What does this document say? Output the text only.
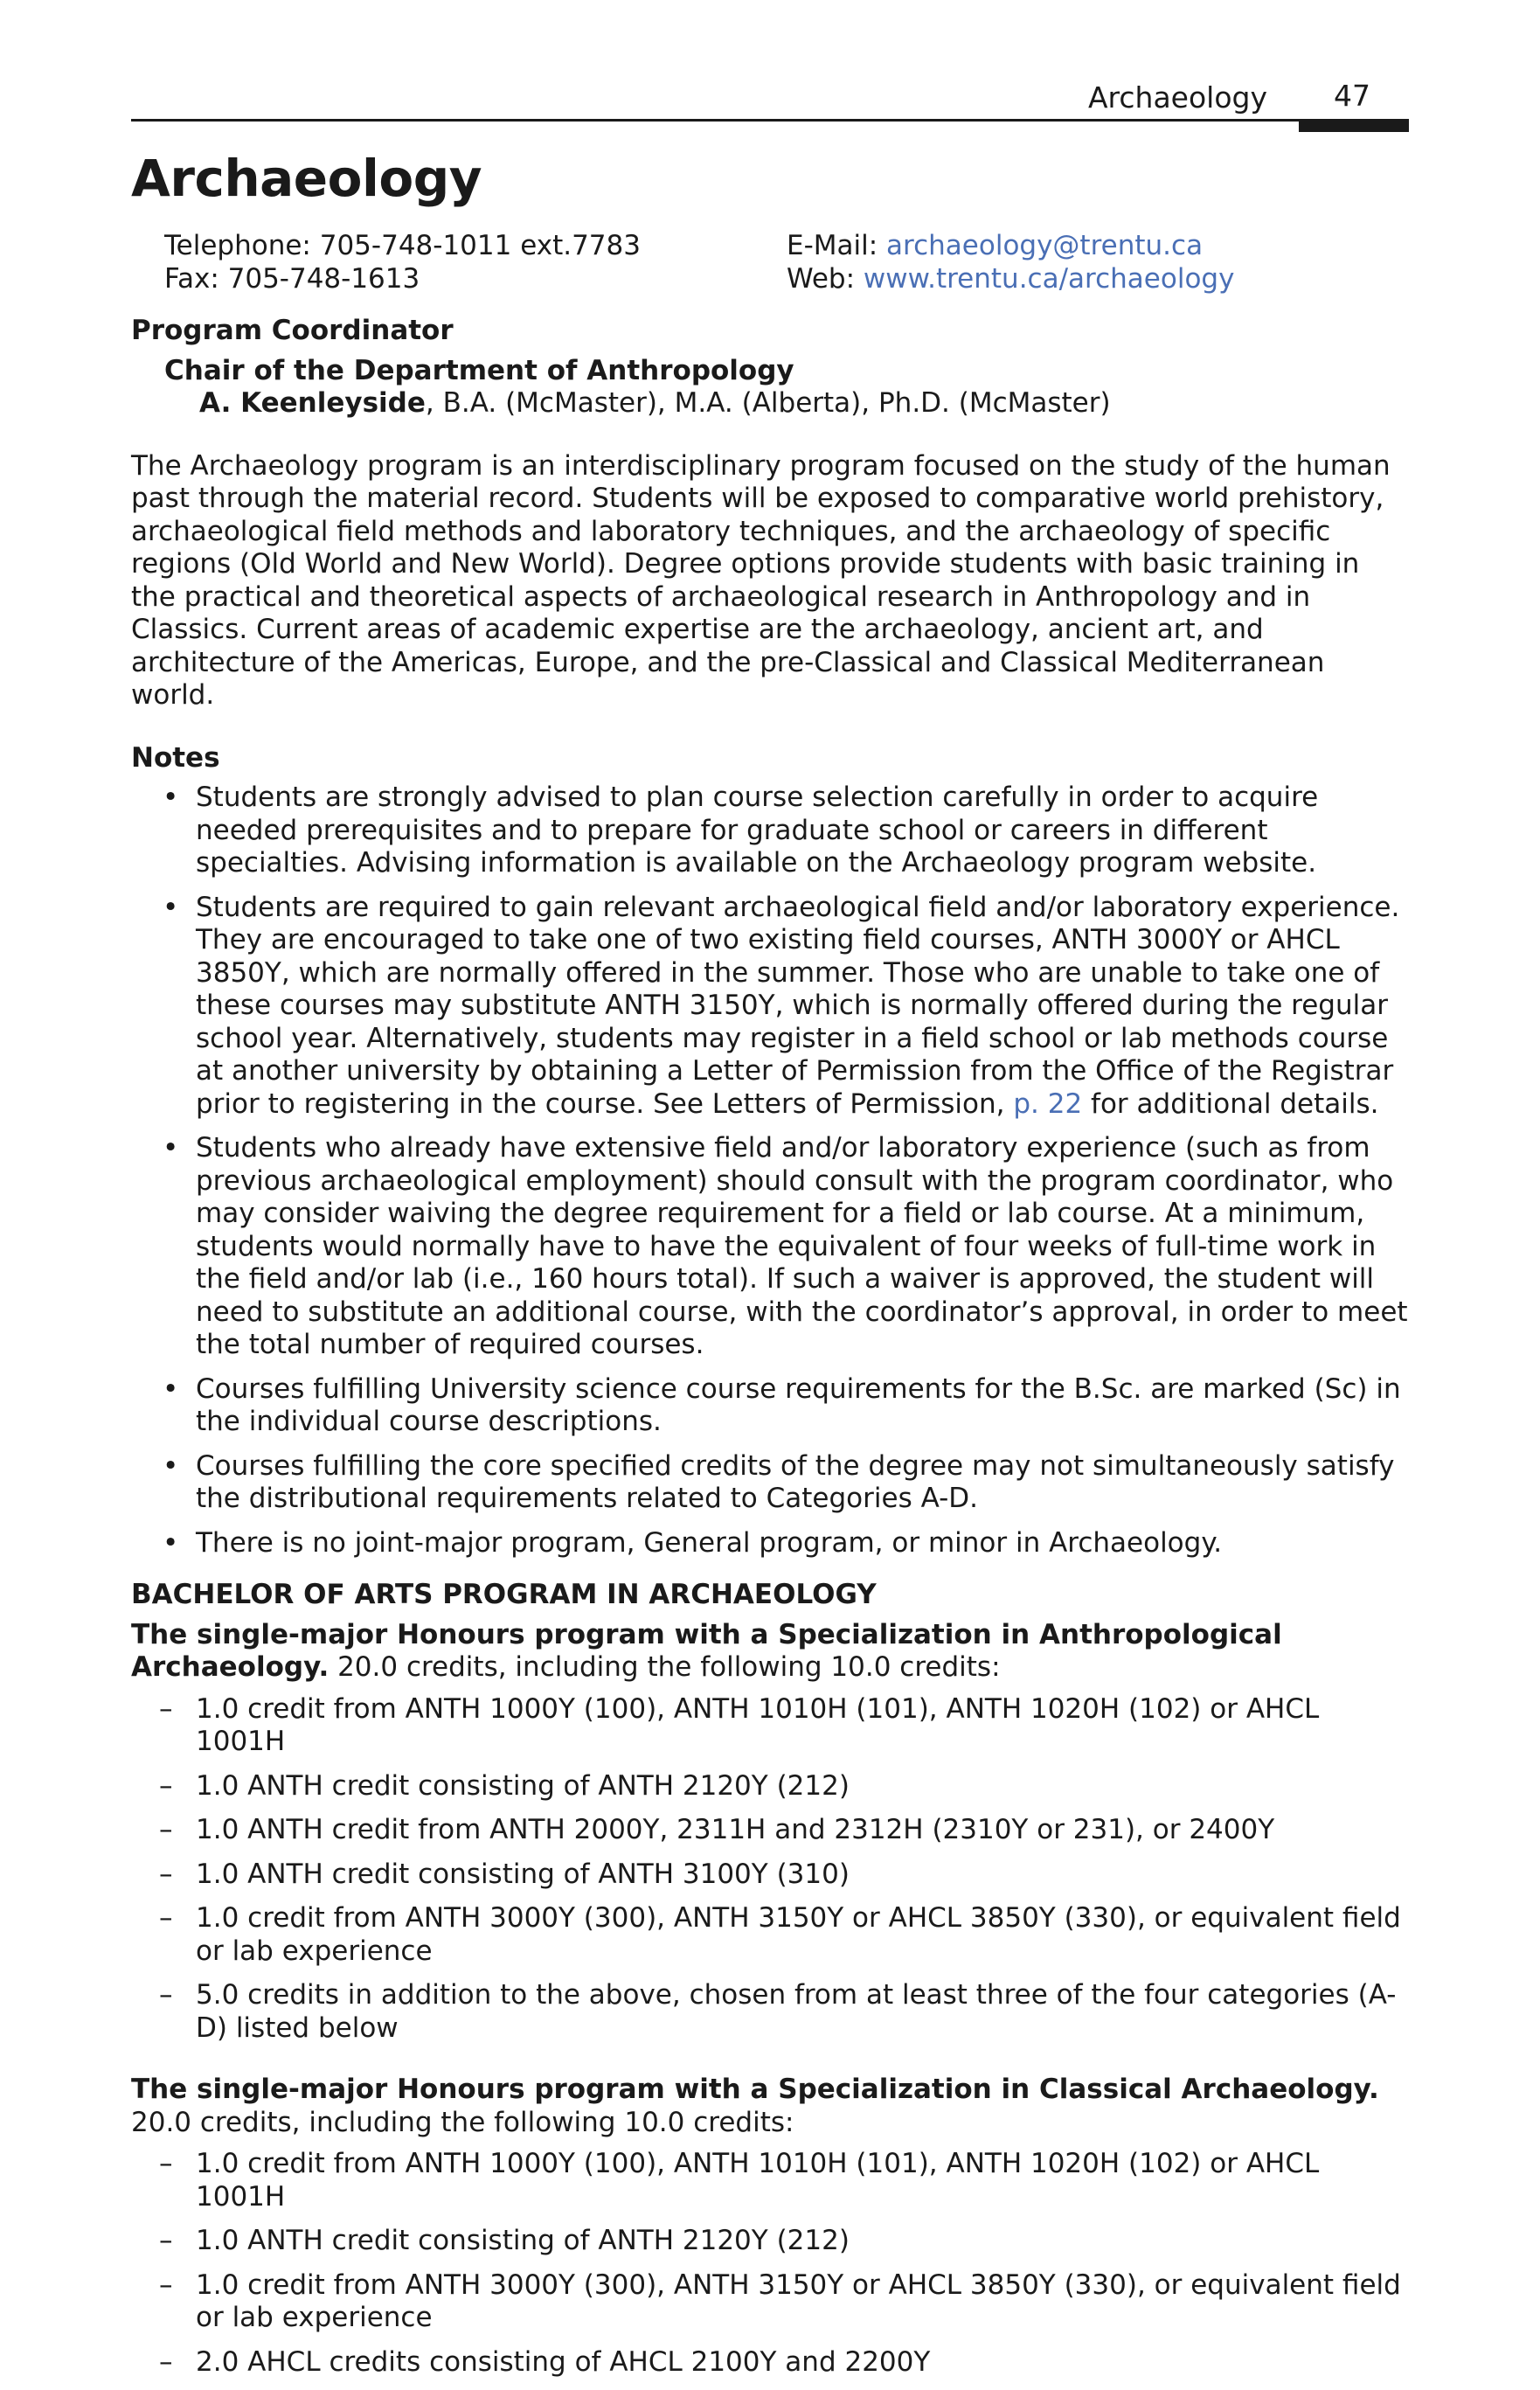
Archaeology 47
Archaeology
Telephone: 705-748-1011 ext.7783
Fax: 705-748-1613
E-Mail: archaeology@trentu.ca
Web: www.trentu.ca/archaeology
Program Coordinator
Chair of the Department of Anthropology
A. Keenleyside, B.A. (McMaster), M.A. (Alberta), Ph.D. (McMaster)

The Archaeology program is an interdisciplinary program focused on the study of the human past through the material record. Students will be exposed to comparative world prehistory, archaeological field methods and laboratory techniques, and the archaeology of specific regions (Old World and New World). Degree options provide students with basic training in the practical and theoretical aspects of archaeological research in Anthropology and in Classics. Current areas of academic expertise are the archaeology, ancient art, and architecture of the Americas, Europe, and the pre-Classical and Classical Mediterranean world.

Notes
• Students are strongly advised to plan course selection carefully in order to acquire needed prerequisites and to prepare for graduate school or careers in different specialties. Advising information is available on the Archaeology program website.
• Students are required to gain relevant archaeological field and/or laboratory experience. They are encouraged to take one of two existing field courses, ANTH 3000Y or AHCL 3850Y, which are normally offered in the summer. Those who are unable to take one of these courses may substitute ANTH 3150Y, which is normally offered during the regular school year. Alternatively, students may register in a field school or lab methods course at another university by obtaining a Letter of Permission from the Office of the Registrar prior to registering in the course. See Letters of Permission, p. 22 for additional details.
• Students who already have extensive field and/or laboratory experience (such as from previous archaeological employment) should consult with the program coordinator, who may consider waiving the degree requirement for a field or lab course. At a minimum, students would normally have to have the equivalent of four weeks of full-time work in the field and/or lab (i.e., 160 hours total). If such a waiver is approved, the student will need to substitute an additional course, with the coordinator’s approval, in order to meet the total number of required courses.
• Courses fulfilling University science course requirements for the B.Sc. are marked (Sc) in the individual course descriptions.
• Courses fulfilling the core specified credits of the degree may not simultaneously satisfy the distributional requirements related to Categories A-D.
• There is no joint-major program, General program, or minor in Archaeology.
BACHELOR OF ARTS PROGRAM IN ARCHAEOLOGY

The single-major Honours program with a Specialization in Anthropological Archaeology. 20.0 credits, including the following 10.0 credits:

– 1.0 credit from ANTH 1000Y (100), ANTH 1010H (101), ANTH 1020H (102) or AHCL 1001H
– 1.0 ANTH credit consisting of ANTH 2120Y (212)
– 1.0 ANTH credit from ANTH 2000Y, 2311H and 2312H (2310Y or 231), or 2400Y
– 1.0 ANTH credit consisting of ANTH 3100Y (310)
– 1.0 credit from ANTH 3000Y (300), ANTH 3150Y or AHCL 3850Y (330), or equivalent field or lab experience
– 5.0 credits in addition to the above, chosen from at least three of the four categories (A-D) listed below

The single-major Honours program with a Specialization in Classical Archaeology. 20.0 credits, including the following 10.0 credits:

– 1.0 credit from ANTH 1000Y (100), ANTH 1010H (101), ANTH 1020H (102) or AHCL 1001H
– 1.0 ANTH credit consisting of ANTH 2120Y (212)
– 1.0 credit from ANTH 3000Y (300), ANTH 3150Y or AHCL 3850Y (330), or equivalent field or lab experience
– 2.0 AHCL credits consisting of AHCL 2100Y and 2200Y
